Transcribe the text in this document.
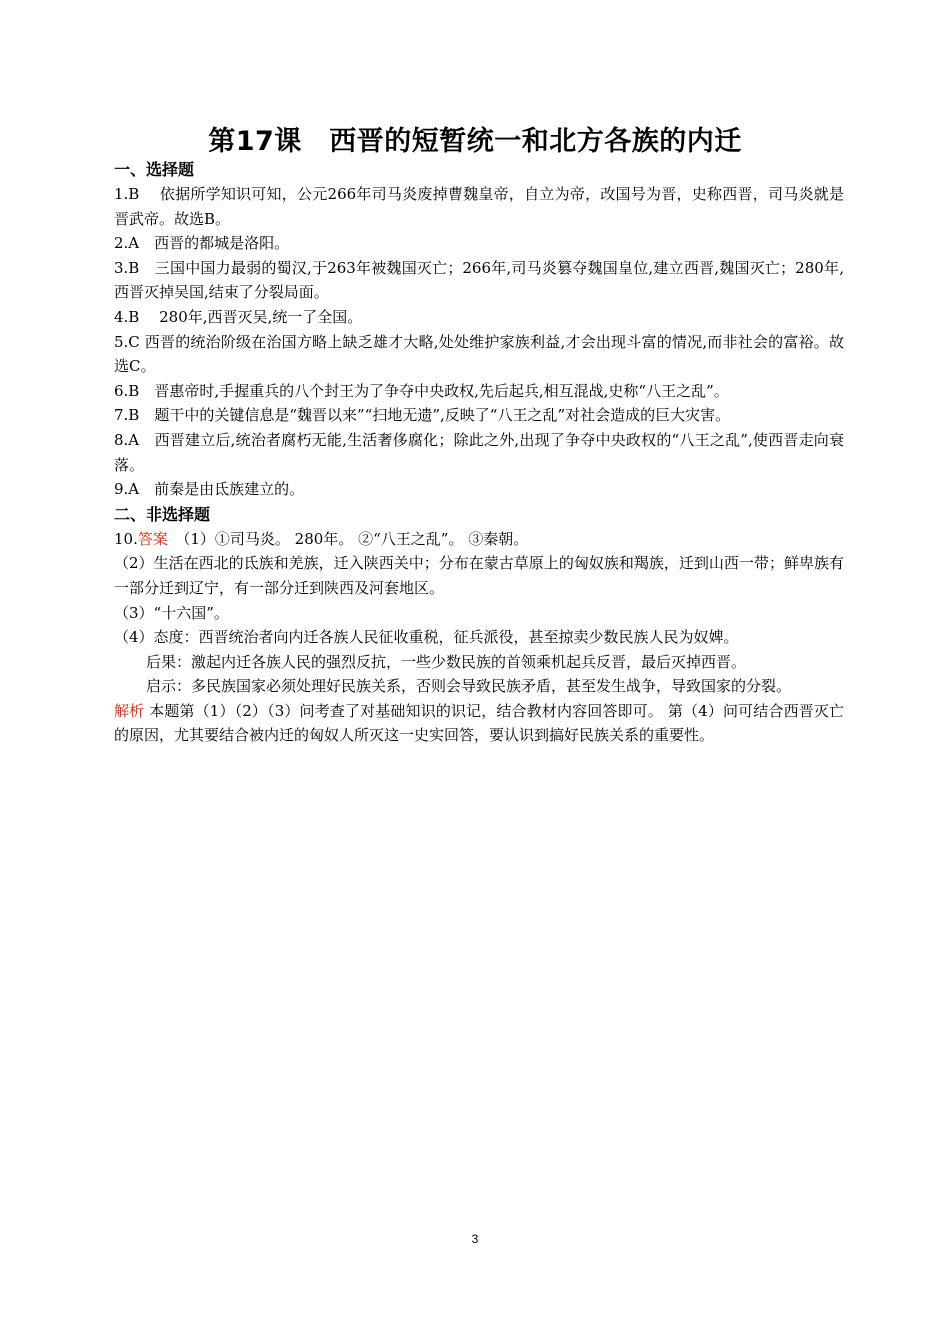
第17课　西晋的短暂统一和北方各族的内迁
一、选择题

1.B　 依据所学知识可知，公元266年司马炎废掉曹魏皇帝，自立为帝，改国号为晋，史称西晋，司马炎就是晋武帝。故选B。

2.A　西晋的都城是洛阳。

3.B　三国中国力最弱的蜀汉,于263年被魏国灭亡；266年,司马炎篡夺魏国皇位,建立西晋,魏国灭亡；280年,西晋灭掉吴国,结束了分裂局面。

4.B　 280年,西晋灭吴,统一了全国。

5.C 西晋的统治阶级在治国方略上缺乏雄才大略,处处维护家族利益,才会出现斗富的情况,而非社会的富裕。故选C。

6.B　晋惠帝时,手握重兵的八个封王为了争夺中央政权,先后起兵,相互混战,史称“八王之乱”。

7.B　题干中的关键信息是“魏晋以来”“扫地无遗”,反映了“八王之乱”对社会造成的巨大灾害。

8.A　西晋建立后,统治者腐朽无能,生活奢侈腐化；除此之外,出现了争夺中央政权的“八王之乱”,使西晋走向衰落。

9.A　前秦是由氐族建立的。

二、非选择题

10.答案　（1）①司马炎。 280年。 ②“八王之乱”。 ③秦朝。

（2）生活在西北的氐族和羌族，迁入陕西关中；分布在蒙古草原上的匈奴族和羯族，迁到山西一带；鲜卑族有一部分迁到辽宁，有一部分迁到陕西及河套地区。

（3）“十六国”。

（4）态度：西晋统治者向内迁各族人民征收重税，征兵派役，甚至掠卖少数民族人民为奴婢。

后果：激起内迁各族人民的强烈反抗，一些少数民族的首领乘机起兵反晋，最后灭掉西晋。

启示：多民族国家必须处理好民族关系，否则会导致民族矛盾，甚至发生战争，导致国家的分裂。

解析 本题第（1）（2）（3）问考查了对基础知识的识记，结合教材内容回答即可。 第（4）问可结合西晋灭亡的原因，尤其要结合被内迁的匈奴人所灭这一史实回答，要认识到搞好民族关系的重要性。

3
